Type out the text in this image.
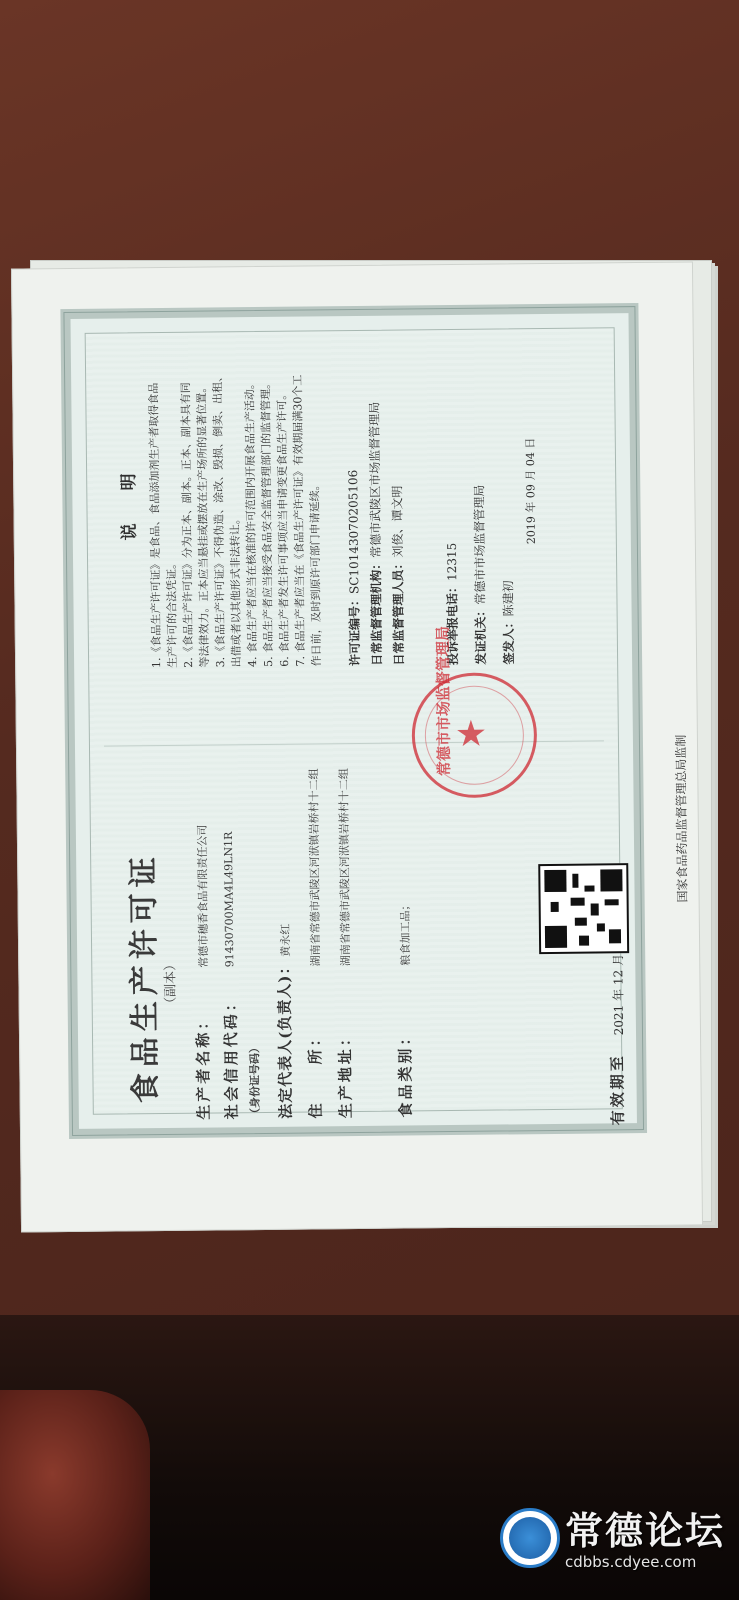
食品生产许可证 （副本）
生产者名称：
常德市穗香食品有限责任公司
社会信用代码：
91430700MA4L49LN1R
（身份证号码） 法定代表人(负责人)：
黄永红
住　　所：
湖南省常德市武陵区河洑镇岩桥村十二组
生产地址：
湖南省常德市武陵区河洑镇岩桥村十二组
食品类别：
粮食加工品；
有效期至
2021 年 12 月
说　明 1.《食品生产许可证》是食品、食品添加剂生产者取得食品 生产许可的合法凭证。 2.《食品生产许可证》分为正本、副本。正本、副本具有同 等法律效力。正本应当悬挂或摆放在生产场所的显著位置。 3.《食品生产许可证》不得伪造、涂改、毁损、倒卖、出租、 出借或者以其他形式非法转让。 4. 食品生产者应当在核准的许可范围内开展食品生产活动。 5. 食品生产者应当接受食品安全监督管理部门的监督管理。 6. 食品生产者发生许可事项应当申请变更食品生产许可。 7. 食品生产者应当在《食品生产许可证》有效期届满30个工 作日前，及时到原许可部门申请延续。 许可证编号：SC10143070205106
日常监督管理机构：常德市武陵区市场监督管理局
日常监督管理人员：刘俊、谭文明
投诉举报电话：12315
发证机关：常德市市场监督管理局
签发人：陈建初
2019 年 09 月 04 日
★
常德市市场监督管理局
国家食品药品监督管理总局监制
常德论坛
cdbbs.cdyee.com
